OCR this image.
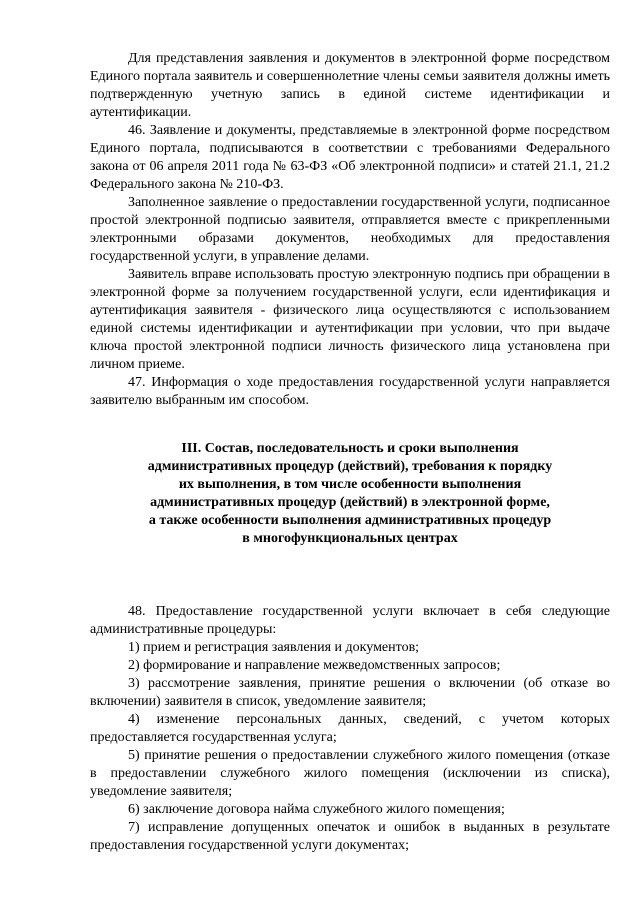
Для представления заявления и документов в электронной форме посредством Единого портала заявитель и совершеннолетние члены семьи заявителя должны иметь подтвержденную учетную запись в единой системе идентификации и аутентификации.

46. Заявление и документы, представляемые в электронной форме посредством Единого портала, подписываются в соответствии с требованиями Федерального закона от 06 апреля 2011 года № 63-ФЗ «Об электронной подписи» и статей 21.1, 21.2 Федерального закона № 210-ФЗ.

Заполненное заявление о предоставлении государственной услуги, подписанное простой электронной подписью заявителя, отправляется вместе с прикрепленными электронными образами документов, необходимых для предоставления государственной услуги, в управление делами.

Заявитель вправе использовать простую электронную подпись при обращении в электронной форме за получением государственной услуги, если идентификация и аутентификация заявителя - физического лица осуществляются с использованием единой системы идентификации и аутентификации при условии, что при выдаче ключа простой электронной подписи личность физического лица установлена при личном приеме.

47. Информация о ходе предоставления государственной услуги направляется заявителю выбранным им способом.

III. Состав, последовательность и сроки выполнения
административных процедур (действий), требования к порядку
их выполнения, в том числе особенности выполнения
административных процедур (действий) в электронной форме,
а также особенности выполнения административных процедур
в многофункциональных центрах

48. Предоставление государственной услуги включает в себя следующие административные процедуры:

1) прием и регистрация заявления и документов;

2) формирование и направление межведомственных запросов;

3) рассмотрение заявления, принятие решения о включении (об отказе во включении) заявителя в список, уведомление заявителя;

4) изменение персональных данных, сведений, с учетом которых предоставляется государственная услуга;

5) принятие решения о предоставлении служебного жилого помещения (отказе в предоставлении служебного жилого помещения (исключении из списка), уведомление заявителя;

6) заключение договора найма служебного жилого помещения;

7) исправление допущенных опечаток и ошибок в выданных в результате предоставления государственной услуги документах;
